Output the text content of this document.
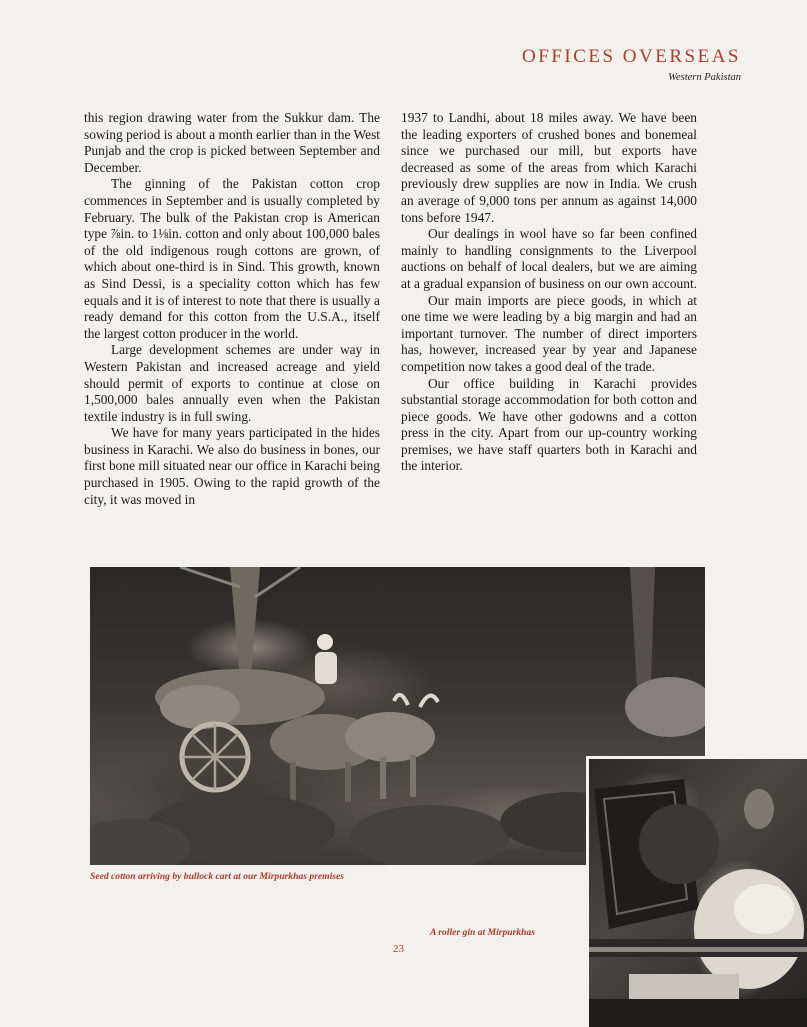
OFFICES OVERSEAS
Western Pakistan

this region drawing water from the Sukkur dam. The sowing period is about a month earlier than in the West Punjab and the crop is picked between September and December.

The ginning of the Pakistan cotton crop commences in September and is usually completed by February. The bulk of the Pakistan crop is American type ⅞in. to 1⅛in. cotton and only about 100,000 bales of the old indigenous rough cottons are grown, of which about one-third is in Sind. This growth, known as Sind Dessi, is a speciality cotton which has few equals and it is of interest to note that there is usually a ready demand for this cotton from the U.S.A., itself the largest cotton producer in the world.

Large development schemes are under way in Western Pakistan and increased acreage and yield should permit of exports to continue at close on 1,500,000 bales annually even when the Pakistan textile industry is in full swing.

We have for many years participated in the hides business in Karachi. We also do business in bones, our first bone mill situated near our office in Karachi being purchased in 1905. Owing to the rapid growth of the city, it was moved in

1937 to Landhi, about 18 miles away. We have been the leading exporters of crushed bones and bonemeal since we purchased our mill, but exports have decreased as some of the areas from which Karachi previously drew supplies are now in India. We crush an average of 9,000 tons per annum as against 14,000 tons before 1947.

Our dealings in wool have so far been confined mainly to handling consignments to the Liverpool auctions on behalf of local dealers, but we are aiming at a gradual expansion of business on our own account.

Our main imports are piece goods, in which at one time we were leading by a big margin and had an important turnover. The number of direct importers has, however, increased year by year and Japanese competition now takes a good deal of the trade.

Our office building in Karachi provides substantial storage accommodation for both cotton and piece goods. We have other godowns and a cotton press in the city. Apart from our up-country working premises, we have staff quarters both in Karachi and the interior.

Seed cotton arriving by bullock cart at our Mirpurkhas premises

A roller gin at Mirpurkhas

23
